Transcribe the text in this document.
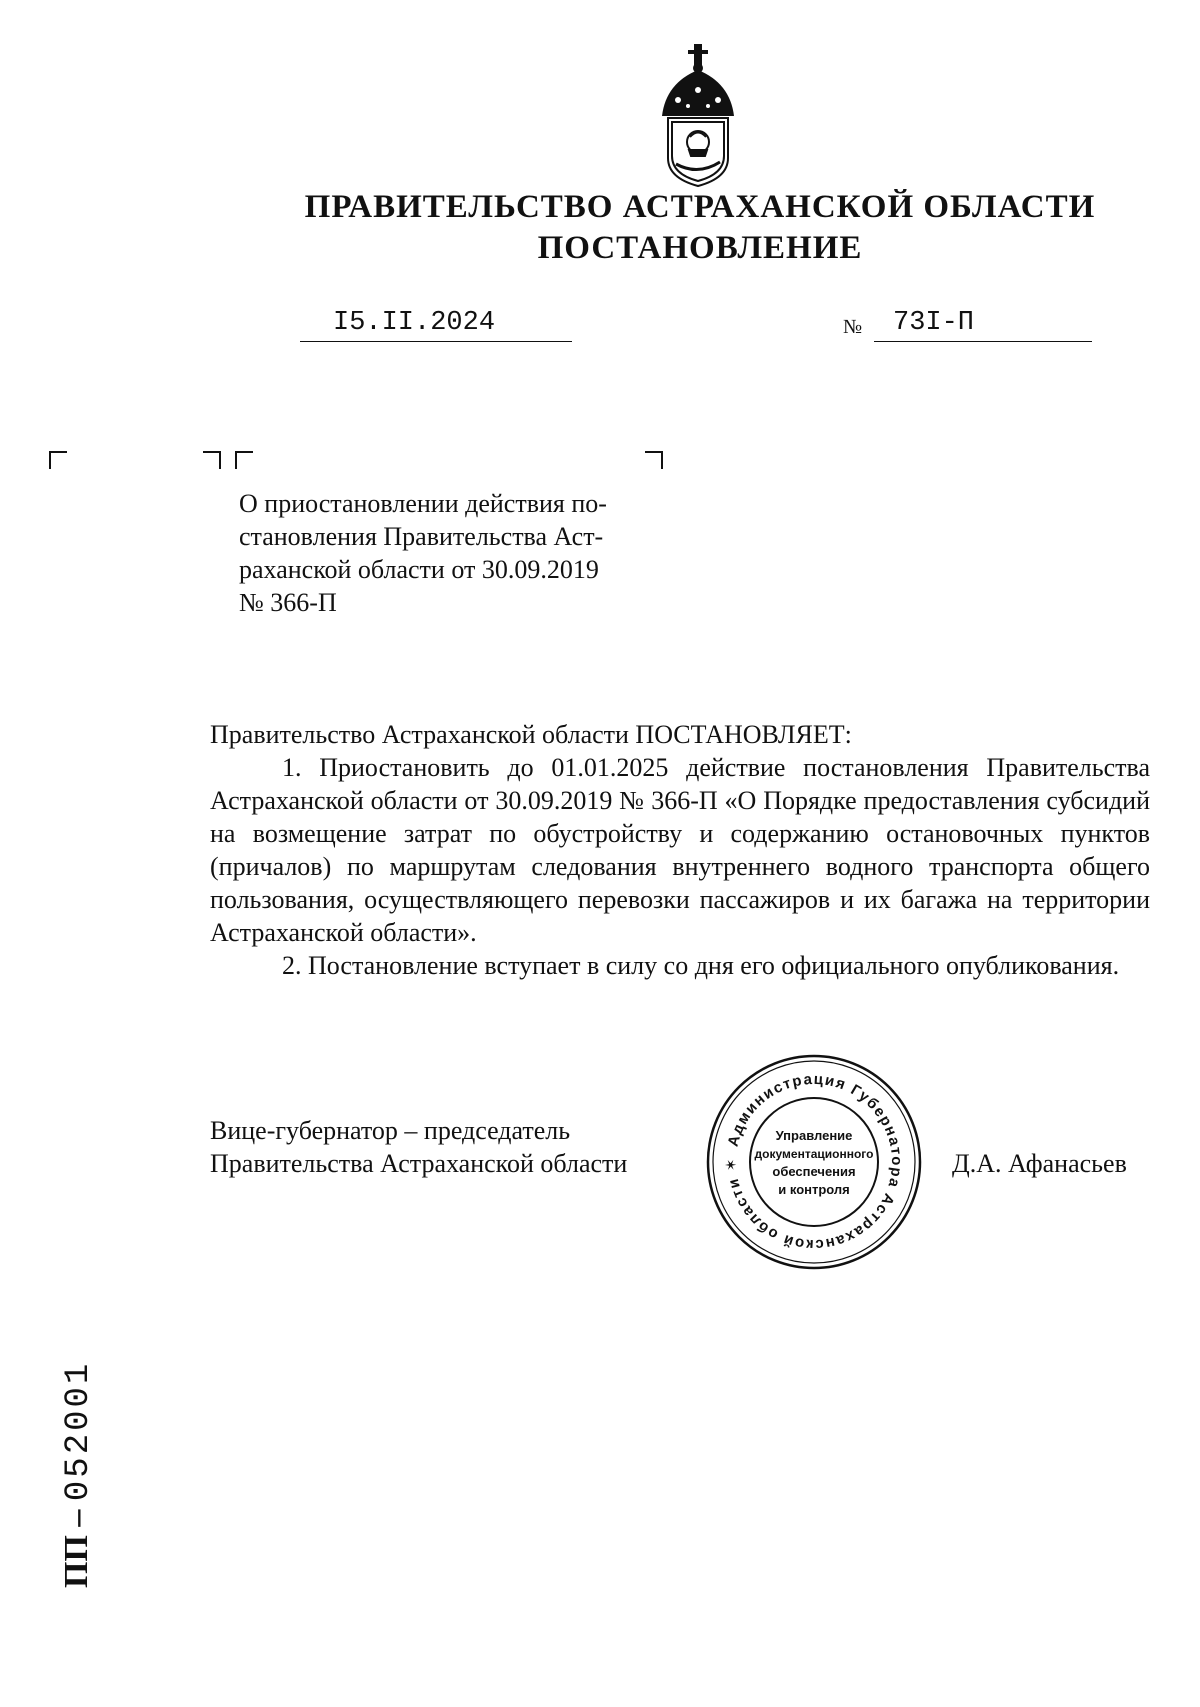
ПРАВИТЕЛЬСТВО АСТРАХАНСКОЙ ОБЛАСТИ
ПОСТАНОВЛЕНИЕ
I5.II.2024	№ 73I-П
О приостановлении действия по-
становления Правительства Аст-
раханской области от 30.09.2019
№ 366-П

Правительство Астраханской области ПОСТАНОВЛЯЕТ:

1. Приостановить до 01.01.2025 действие постановления Правительства Астраханской области от 30.09.2019 № 366-П «О Порядке предоставления субсидий на возмещение затрат по обустройству и содержанию остановочных пунктов (причалов) по маршрутам следования внутреннего водного транспорта общего пользования, осуществляющего перевозки пассажиров и их багажа на территории Астраханской области».

2. Постановление вступает в силу со дня его официального опубликования.

Вице-губернатор – председатель
Правительства Астраханской области	Д.А. Афанасьев
Администрация Губернатора Астраханской области ✶
Управление
документационного
обеспечения
и контроля
ПП – 052001
